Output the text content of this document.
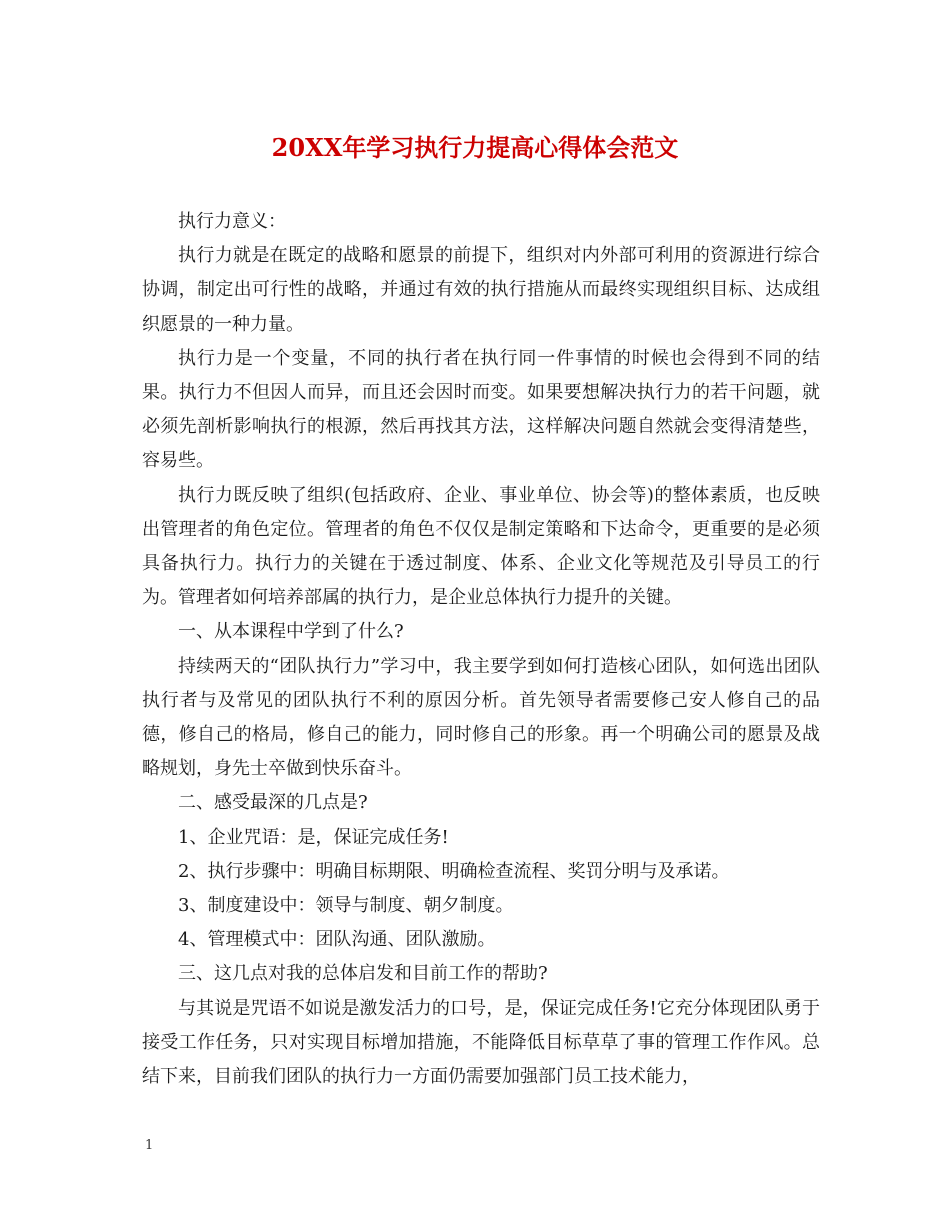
20XX年学习执行力提高心得体会范文

执行力意义：

执行力就是在既定的战略和愿景的前提下，组织对内外部可利用的资源进行综合协调，制定出可行性的战略，并通过有效的执行措施从而最终实现组织目标、达成组织愿景的一种力量。

执行力是一个变量，不同的执行者在执行同一件事情的时候也会得到不同的结果。执行力不但因人而异，而且还会因时而变。如果要想解决执行力的若干问题，就必须先剖析影响执行的根源，然后再找其方法，这样解决问题自然就会变得清楚些，容易些。

执行力既反映了组织(包括政府、企业、事业单位、协会等)的整体素质，也反映出管理者的角色定位。管理者的角色不仅仅是制定策略和下达命令，更重要的是必须具备执行力。执行力的关键在于透过制度、体系、企业文化等规范及引导员工的行为。管理者如何培养部属的执行力，是企业总体执行力提升的关键。

一、从本课程中学到了什么?

持续两天的“团队执行力”学习中，我主要学到如何打造核心团队，如何选出团队执行者与及常见的团队执行不利的原因分析。首先领导者需要修己安人修自己的品德，修自己的格局，修自己的能力，同时修自己的形象。再一个明确公司的愿景及战略规划，身先士卒做到快乐奋斗。

二、感受最深的几点是?

1、企业咒语：是，保证完成任务!

2、执行步骤中：明确目标期限、明确检查流程、奖罚分明与及承诺。

3、制度建设中：领导与制度、朝夕制度。

4、管理模式中：团队沟通、团队激励。

三、这几点对我的总体启发和目前工作的帮助?

与其说是咒语不如说是激发活力的口号，是，保证完成任务!它充分体现团队勇于接受工作任务，只对实现目标增加措施，不能降低目标草草了事的管理工作作风。总结下来，目前我们团队的执行力一方面仍需要加强部门员工技术能力，

1
